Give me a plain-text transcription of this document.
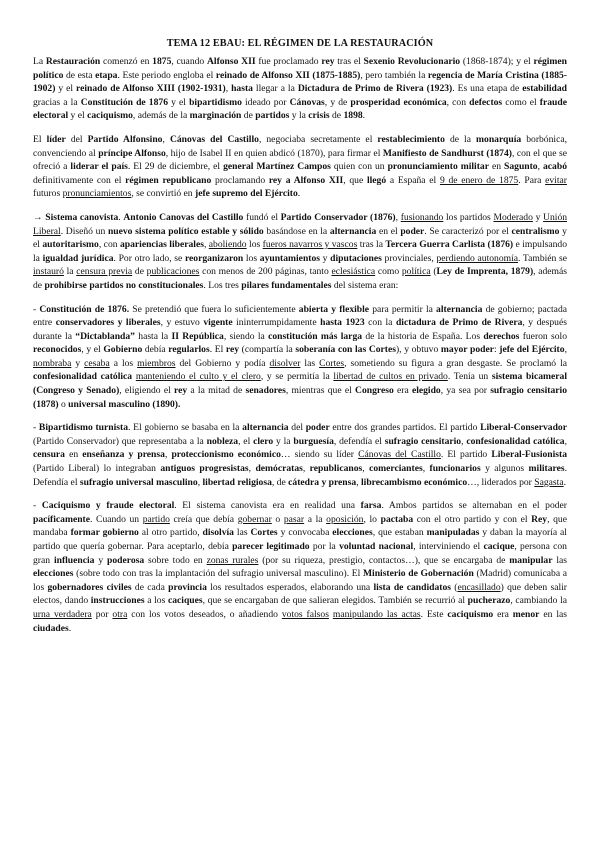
TEMA 12 EBAU: EL RÉGIMEN DE LA RESTAURACIÓN

La Restauración comenzó en 1875, cuando Alfonso XII fue proclamado rey tras el Sexenio Revolucionario (1868-1874); y el régimen político de esta etapa. Este periodo engloba el reinado de Alfonso XII (1875-1885), pero también la regencia de María Cristina (1885-1902) y el reinado de Alfonso XIII (1902-1931), hasta llegar a la Dictadura de Primo de Rivera (1923). Es una etapa de estabilidad gracias a la Constitución de 1876 y el bipartidismo ideado por Cánovas, y de prosperidad económica, con defectos como el fraude electoral y el caciquismo, además de la marginación de partidos y la crisis de 1898.

El líder del Partido Alfonsino, Cánovas del Castillo, negociaba secretamente el restablecimiento de la monarquía borbónica, convenciendo al príncipe Alfonso, hijo de Isabel II en quien abdicó (1870), para firmar el Manifiesto de Sandhurst (1874), con el que se ofreció a liderar el país. El 29 de diciembre, el general Martínez Campos quien con un pronunciamiento militar en Sagunto, acabó definitivamente con el régimen republicano proclamando rey a Alfonso XII, que llegó a España el 9 de enero de 1875. Para evitar futuros pronunciamientos, se convirtió en jefe supremo del Ejército.

→ Sistema canovista. Antonio Canovas del Castillo fundó el Partido Conservador (1876), fusionando los partidos Moderado y Unión Liberal. Diseñó un nuevo sistema político estable y sólido basándose en la alternancia en el poder. Se caracterizó por el centralismo y el autoritarismo, con apariencias liberales, aboliendo los fueros navarros y vascos tras la Tercera Guerra Carlista (1876) e impulsando la igualdad jurídica. Por otro lado, se reorganizaron los ayuntamientos y diputaciones provinciales, perdiendo autonomía. También se instauró la censura previa de publicaciones con menos de 200 páginas, tanto eclesiástica como política (Ley de Imprenta, 1879), además de prohibirse partidos no constitucionales. Los tres pilares fundamentales del sistema eran:

- Constitución de 1876. Se pretendió que fuera lo suficientemente abierta y flexible para permitir la alternancia de gobierno; pactada entre conservadores y liberales, y estuvo vigente ininterrumpidamente hasta 1923 con la dictadura de Primo de Rivera, y después durante la “Dictablanda” hasta la II República, siendo la constitución más larga de la historia de España. Los derechos fueron solo reconocidos, y el Gobierno debía regularlos. El rey (compartía la soberanía con las Cortes), y obtuvo mayor poder: jefe del Ejército, nombraba y cesaba a los miembros del Gobierno y podía disolver las Cortes, sometiendo su figura a gran desgaste. Se proclamó la confesionalidad católica manteniendo el culto y el clero, y se permitía la libertad de cultos en privado. Tenía un sistema bicameral (Congreso y Senado), eligiendo el rey a la mitad de senadores, mientras que el Congreso era elegido, ya sea por sufragio censitario (1878) o universal masculino (1890).

- Bipartidismo turnista. El gobierno se basaba en la alternancia del poder entre dos grandes partidos. El partido Liberal-Conservador (Partido Conservador) que representaba a la nobleza, el clero y la burguesía, defendía el sufragio censitario, confesionalidad católica, censura en enseñanza y prensa, proteccionismo económico… siendo su líder Cánovas del Castillo. El partido Liberal-Fusionista (Partido Liberal) lo integraban antiguos progresistas, demócratas, republicanos, comerciantes, funcionarios y algunos militares. Defendía el sufragio universal masculino, libertad religiosa, de cátedra y prensa, librecambismo económico…, liderados por Sagasta.

- Caciquismo y fraude electoral. El sistema canovista era en realidad una farsa. Ambos partidos se alternaban en el poder pacíficamente. Cuando un partido creía que debía gobernar o pasar a la oposición, lo pactaba con el otro partido y con el Rey, que mandaba formar gobierno al otro partido, disolvía las Cortes y convocaba elecciones, que estaban manipuladas y daban la mayoría al partido que quería gobernar. Para aceptarlo, debía parecer legitimado por la voluntad nacional, interviniendo el cacique, persona con gran influencia y poderosa sobre todo en zonas rurales (por su riqueza, prestigio, contactos…), que se encargaba de manipular las elecciones (sobre todo con tras la implantación del sufragio universal masculino). El Ministerio de Gobernación (Madrid) comunicaba a los gobernadores civiles de cada provincia los resultados esperados, elaborando una lista de candidatos (encasillado) que deben salir electos, dando instrucciones a los caciques, que se encargaban de que salieran elegidos. También se recurrió al pucherazo, cambiando la urna verdadera por otra con los votos deseados, o añadiendo votos falsos manipulando las actas. Este caciquismo era menor en las ciudades.
